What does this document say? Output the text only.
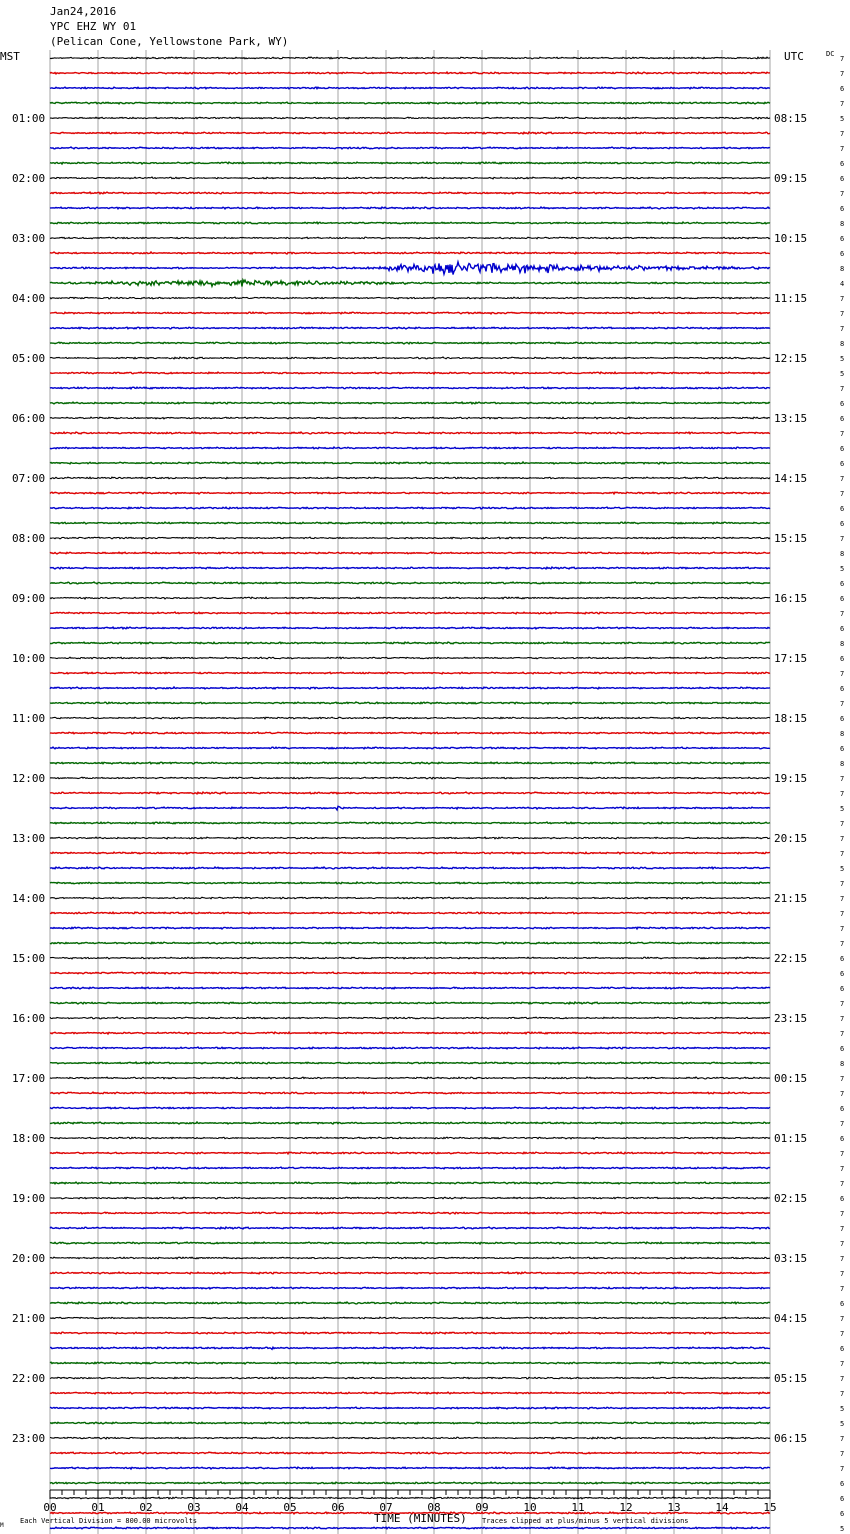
Jan24,2016
YPC EHZ WY 01
(Pelican Cone, Yellowstone Park, WY)
01:00
02:00
03:00
04:00
05:00
06:00
07:00
08:00
09:00
10:00
11:00
12:00
13:00
14:00
15:00
16:00
17:00
18:00
19:00
20:00
21:00
22:00
23:00
08:15
09:15
10:15
11:15
12:15
13:15
14:15
15:15
16:15
17:15
18:15
19:15
20:15
21:15
22:15
23:15
00:15
01:15
02:15
03:15
04:15
05:15
06:15
7
7
6
7
5
7
7
6
6
7
6
8
6
6
8
4
7
7
7
8
5
5
7
6
6
7
6
6
7
7
6
6
7
8
5
6
6
7
6
8
6
7
6
7
6
8
6
8
7
7
5
7
7
7
5
7
7
7
7
7
6
6
6
7
7
7
6
8
7
7
6
7
6
7
7
7
6
7
7
7
7
7
7
6
7
7
6
7
7
7
5
5
7
7
7
6
6
6
5
00	01	02	03	04	05	06	07	08	09	10	11	12	13	14	15
MST	UTC	DC
TIME (MINUTES)
Each Vertical Division = 800.00 microvolts	Traces clipped at plus/minus 5 vertical divisions
M
